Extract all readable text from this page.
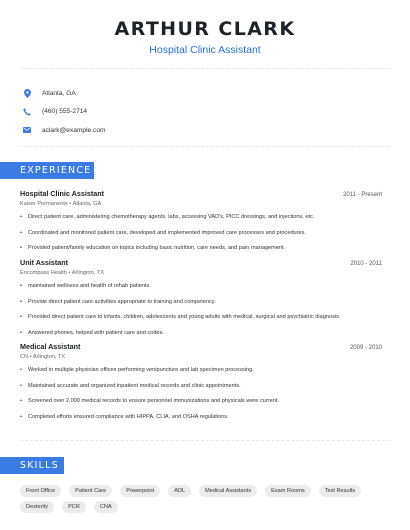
ARTHUR CLARK
Hospital Clinic Assistant
Atlanta, GA
(460) 555-2714
aclark@example.com
EXPERIENCE
Hospital Clinic Assistant	2011 - Present
Kaiser Permanente • Atlanta, GA
• Direct patient care, administering chemotherapy agents, labs, accessing VAD's, PICC dressings, and injections, etc.
• Coordinated and monitored patient care, developed and implemented improved care processes and procedures.
• Provided patient/family education on topics including basic nutrition, care needs, and pain management.
Unit Assistant	2010 - 2011
Encompass Health • Arlington, TX
• maintained wellness and health of rehab patients.
• Provide direct patient care activities appropriate to training and competency.
• Provided direct patient care to infants, children, adolescents and young adults with medical, surgical and psychiatric diagnosis.
• Answered phones, helped with patient care and codes.
Medical Assistant	2009 - 2010
CN • Arlington, TX
• Worked in multiple physician offices performing venipuncture and lab specimen processing.
• Maintained accurate and organized inpatient medical records and clinic appointments.
• Screened over 2,000 medical records to ensure personnel immunizations and physicals were current.
• Completed efforts ensured compliance with HIPPA, CLIA, and OSHA regulations.
SKILLS
Front Office	Patient Care	Powerpoint	ADL	Medical Assistants	Exam Rooms	Test Results
Dexterity	PCR	CNA
